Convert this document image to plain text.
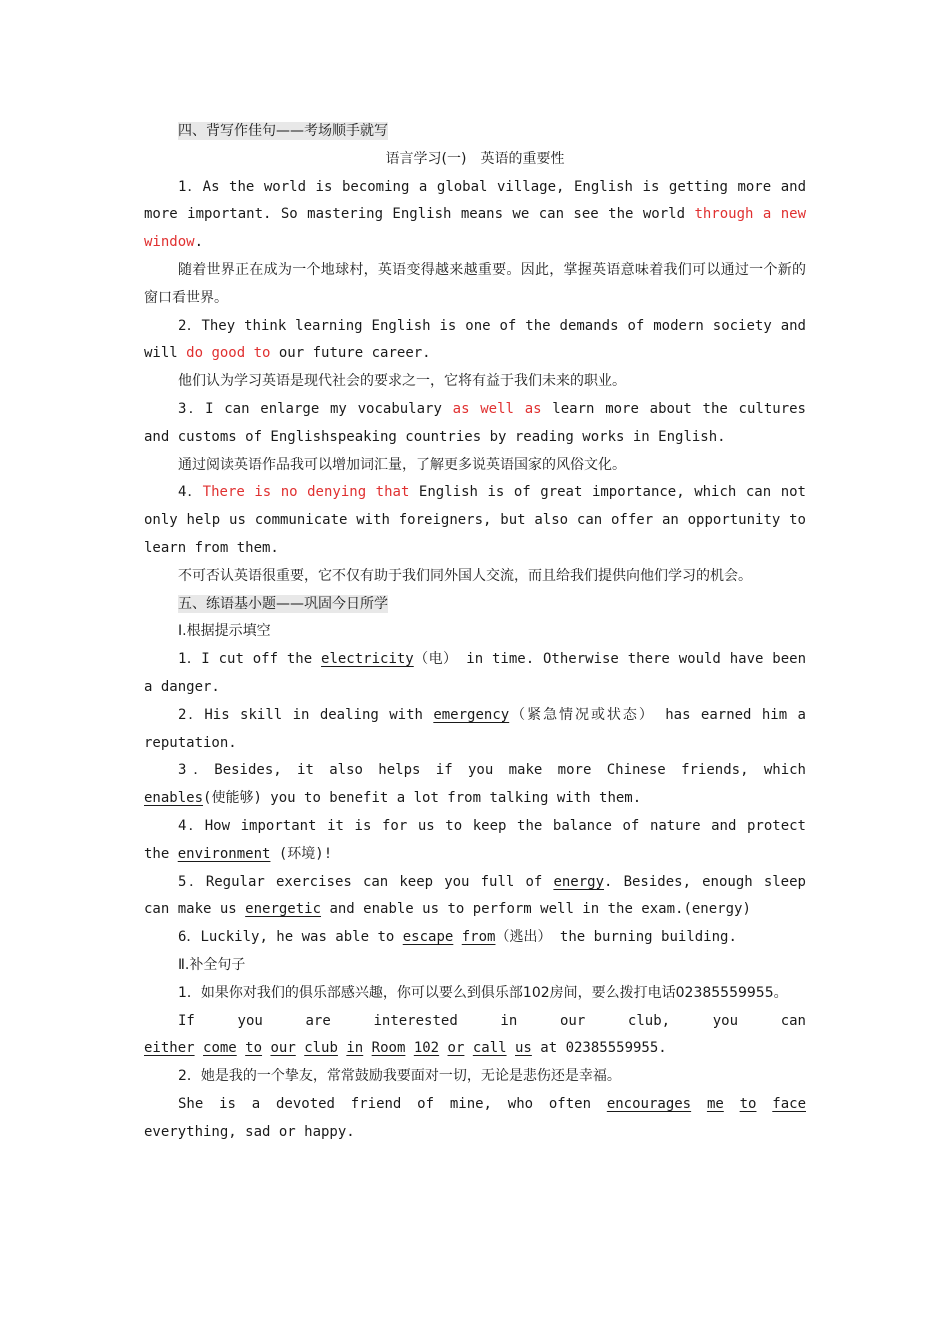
四、背写作佳句——考场顺手就写

语言学习(一)　英语的重要性

1．As the world is becoming a global village, English is getting more and more important. So mastering English means we can see the world through a new window.

随着世界正在成为一个地球村，英语变得越来越重要。因此，掌握英语意味着我们可以通过一个新的窗口看世界。

2．They think learning English is one of the demands of modern society and will do good to our future career.

他们认为学习英语是现代社会的要求之一，它将有益于我们未来的职业。

3．I can enlarge my vocabulary as well as learn more about the cultures and customs of Englishspeaking countries by reading works in English.

通过阅读英语作品我可以增加词汇量，了解更多说英语国家的风俗文化。

4．There is no denying that English is of great importance, which can not only help us communicate with foreigners, but also can offer an opportunity to learn from them.

不可否认英语很重要，它不仅有助于我们同外国人交流，而且给我们提供向他们学习的机会。

五、练语基小题——巩固今日所学

Ⅰ.根据提示填空

1．I cut off the electricity（电） in time. Otherwise there would have been a danger.

2．His skill in dealing with emergency（紧急情况或状态） has earned him a reputation.

3．Besides, it also helps if you make more Chinese friends, which enables(使能够) you to benefit a lot from talking with them.

4．How important it is for us to keep the balance of nature and protect the environment (环境)!

5．Regular exercises can keep you full of energy. Besides, enough sleep can make us energetic and enable us to perform well in the exam.(energy)

6．Luckily, he was able to escape from（逃出） the burning building.

Ⅱ.补全句子

1．如果你对我们的俱乐部感兴趣，你可以要么到俱乐部102房间，要么拨打电话02385559955。

If you are interested in our club, you can

either come to our club in Room 102 or call us at 02385559955.

2．她是我的一个挚友，常常鼓励我要面对一切，无论是悲伤还是幸福。

She is a devoted friend of mine, who often encourages me to face

everything, sad or happy.
